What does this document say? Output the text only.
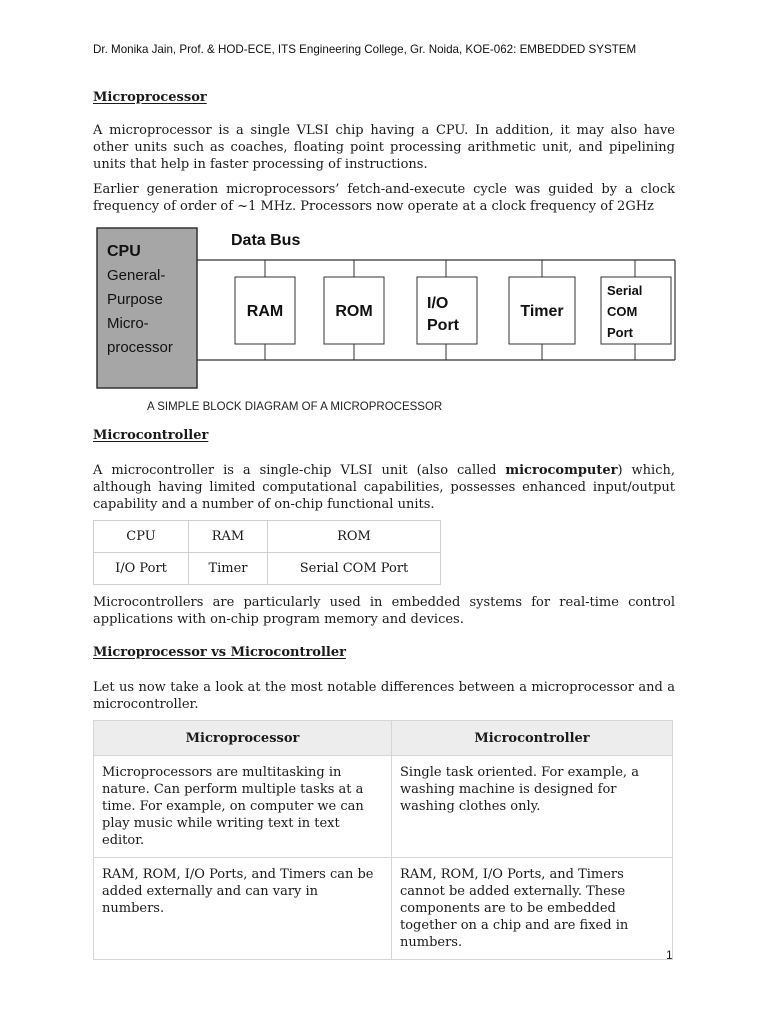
Dr. Monika Jain, Prof. & HOD-ECE, ITS Engineering College, Gr. Noida, KOE-062: EMBEDDED SYSTEM
Microprocessor

A microprocessor is a single VLSI chip having a CPU. In addition, it may also have other units such as coaches, floating point processing arithmetic unit, and pipelining units that help in faster processing of instructions.

Earlier generation microprocessors’ fetch-and-execute cycle was guided by a clock frequency of order of ~1 MHz. Processors now operate at a clock frequency of 2GHz

CPU
General-
Purpose
Micro-
processor
Data Bus
RAM	ROM	I/O
Port
Timer
Serial
COM
Port
A SIMPLE BLOCK DIAGRAM OF A MICROPROCESSOR
Microcontroller

A microcontroller is a single-chip VLSI unit (also called microcomputer) which, although having limited computational capabilities, possesses enhanced input/output capability and a number of on-chip functional units.

CPU	RAM	ROM
I/O Port	Timer	Serial COM Port

Microcontrollers are particularly used in embedded systems for real-time control applications with on-chip program memory and devices.

Microprocessor vs Microcontroller

Let us now take a look at the most notable differences between a microprocessor and a microcontroller.

Microprocessor	Microcontroller
Microprocessors are multitasking in nature. Can perform multiple tasks at a time. For example, on computer we can play music while writing text in text editor.	Single task oriented. For example, a washing machine is designed for washing clothes only.
RAM, ROM, I/O Ports, and Timers can be added externally and can vary in numbers.	RAM, ROM, I/O Ports, and Timers cannot be added externally. These components are to be embedded together on a chip and are fixed in numbers.
1
